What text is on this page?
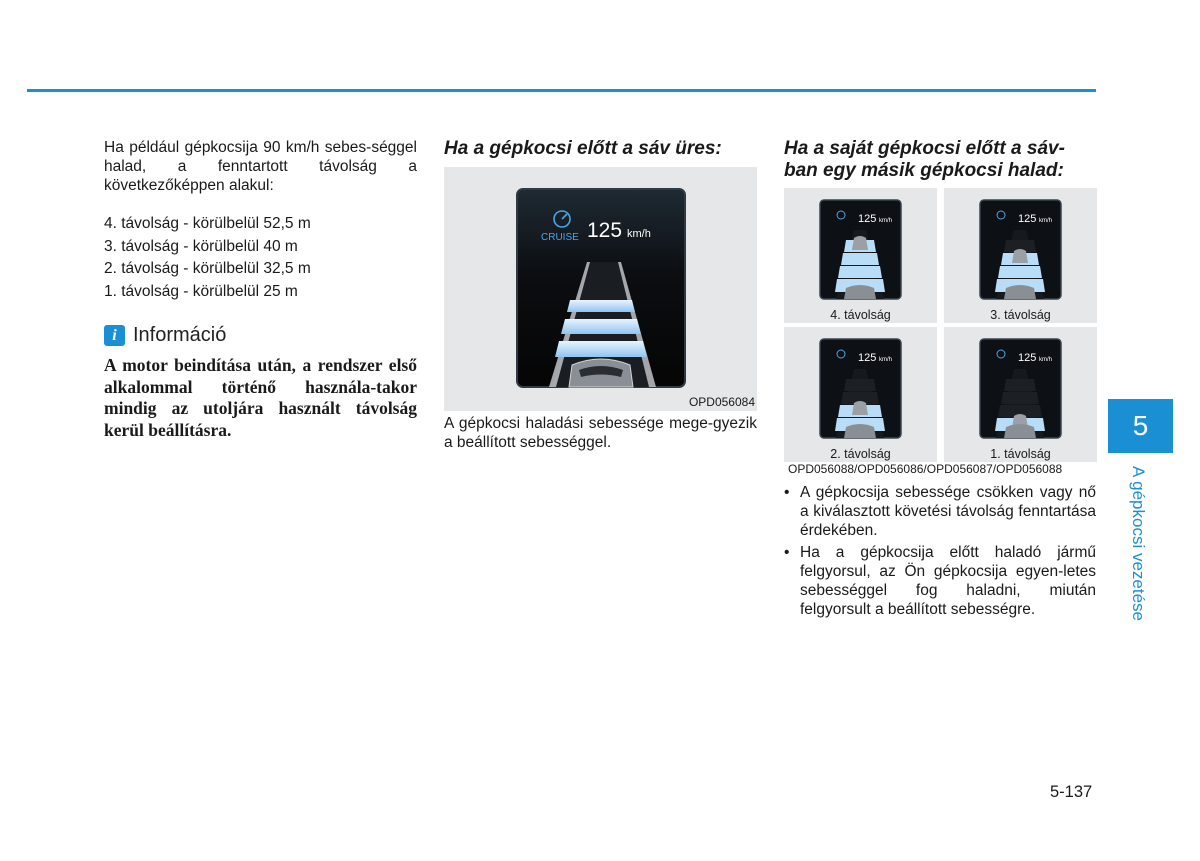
Ha például gépkocsija 90 km/h sebes-séggel halad, a fenntartott távolság a következőképpen alakul:

4. távolság - körülbelül 52,5 m
3. távolság - körülbelül 40 m
2. távolság - körülbelül 32,5 m
1. távolság - körülbelül 25 m
i Információ
A motor beindítása után, a rendszer első alkalommal történő használa-takor mindig az utoljára használt távolság kerül beállításra.

Ha a gépkocsi előtt a sáv üres:

CRUISE 125 km/h
OPD056084
A gépkocsi haladási sebessége mege-gyezik a beállított sebességgel.

Ha a saját gépkocsi előtt a sáv-ban egy másik gépkocsi halad:

125 km/h
4. távolság
125 km/h
3. távolság
125 km/h
2. távolság
125 km/h
1. távolság
OPD056088/OPD056086/OPD056087/OPD056088
• A gépkocsija sebessége csökken vagy nő a kiválasztott követési távolság fenntartása érdekében.
• Ha a gépkocsija előtt haladó jármű felgyorsul, az Ön gépkocsija egyen-letes sebességgel fog haladni, miután felgyorsult a beállított sebességre.
5
A gépkocsi vezetése
5-137
